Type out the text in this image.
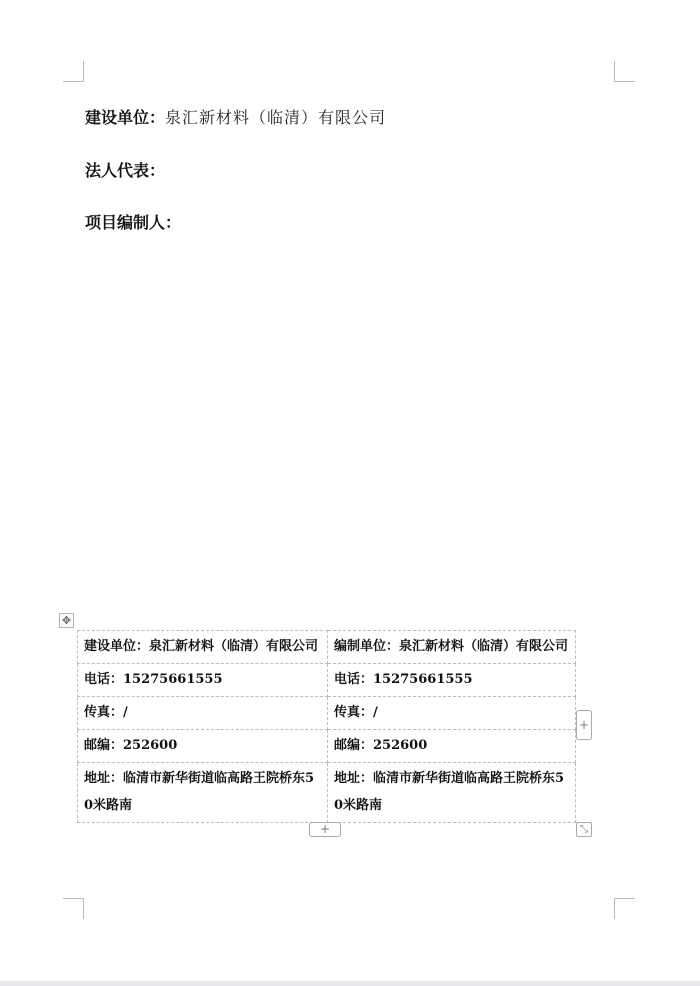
建设单位：泉汇新材料（临清）有限公司
法人代表：
项目编制人：
✥
建设单位：泉汇新材料（临清）有限公司	编制单位：泉汇新材料（临清）有限公司
电话：15275661555	电话：15275661555
传真：/	传真：/
邮编：252600	邮编：252600
地址：临清市新华街道临高路王院桥东50米路南	地址：临清市新华街道临高路王院桥东50米路南
+
+	⤡
